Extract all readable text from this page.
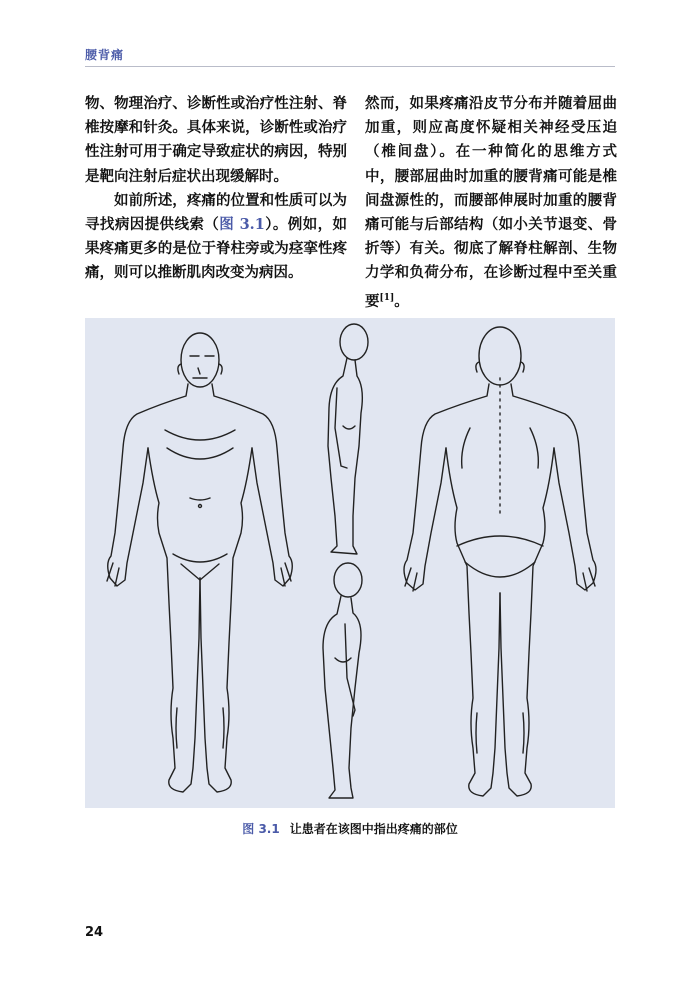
腰背痛

物、物理治疗、诊断性或治疗性注射、脊椎按摩和针灸。具体来说，诊断性或治疗性注射可用于确定导致症状的病因，特别是靶向注射后症状出现缓解时。

如前所述，疼痛的位置和性质可以为寻找病因提供线索（图 3.1）。例如，如果疼痛更多的是位于脊柱旁或为痉挛性疼痛，则可以推断肌肉改变为病因。

然而，如果疼痛沿皮节分布并随着屈曲加重，则应高度怀疑相关神经受压迫（椎间盘）。在一种简化的思维方式中，腰部屈曲时加重的腰背痛可能是椎间盘源性的，而腰部伸展时加重的腰背痛可能与后部结构（如小关节退变、骨折等）有关。彻底了解脊柱解剖、生物力学和负荷分布，在诊断过程中至关重要[1]。

图 3.1 让患者在该图中指出疼痛的部位
24
